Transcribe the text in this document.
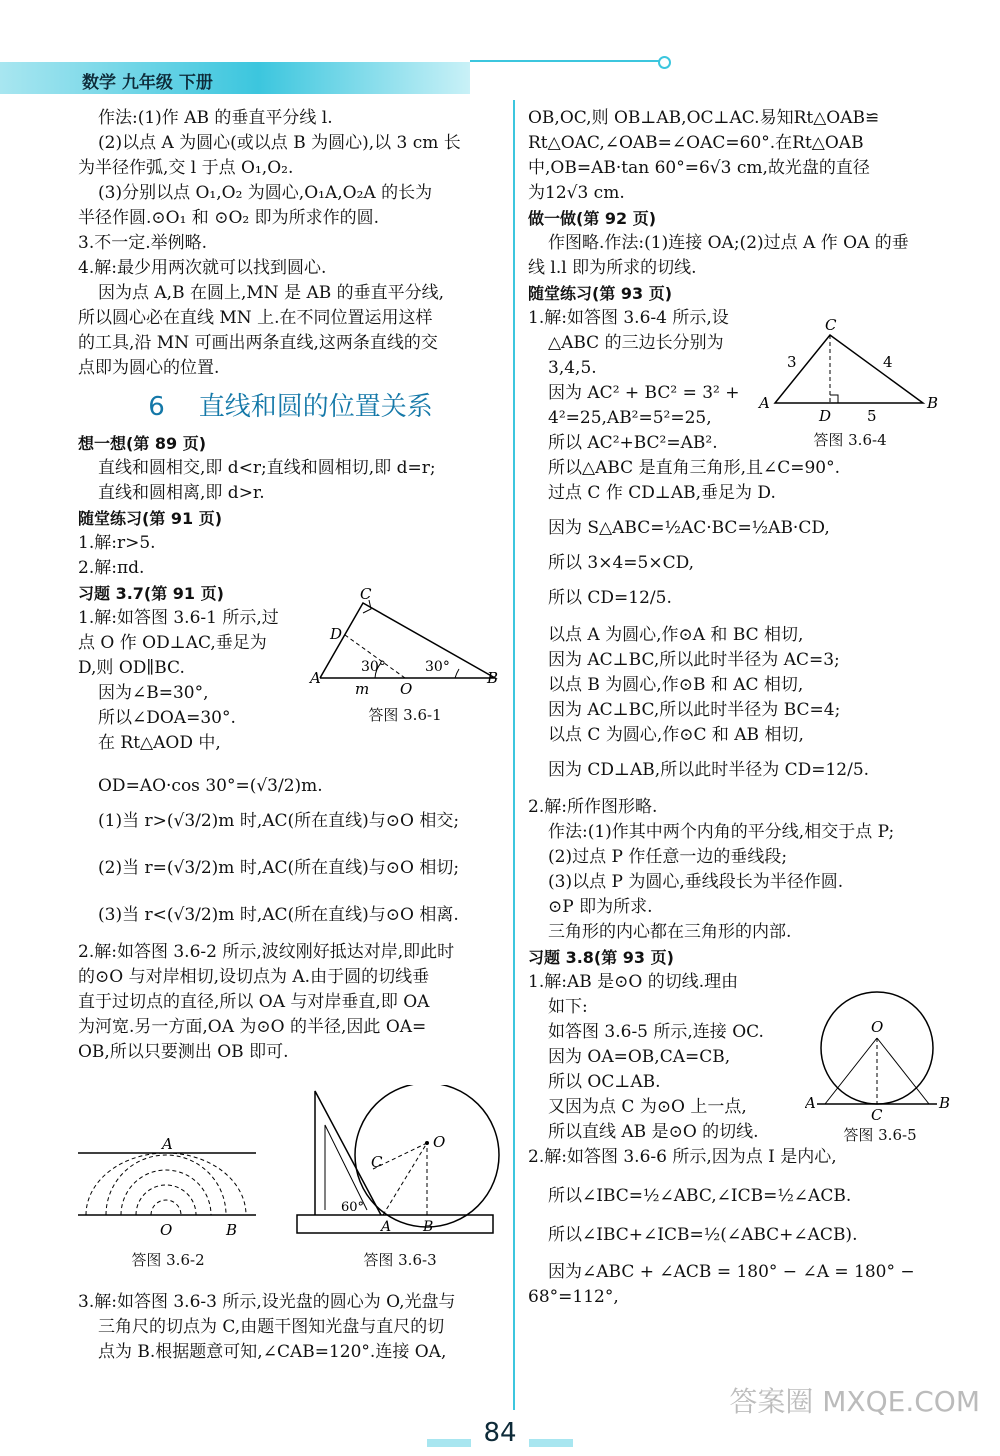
数学 九年级 下册
作法:(1)作 AB 的垂直平分线 l.
(2)以点 A 为圆心(或以点 B 为圆心),以 3 cm 长
为半径作弧,交 l 于点 O₁,O₂.
(3)分别以点 O₁,O₂ 为圆心,O₁A,O₂A 的长为
半径作圆.⊙O₁ 和 ⊙O₂ 即为所求作的圆.
3.不一定.举例略.
4.解:最少用两次就可以找到圆心.
因为点 A,B 在圆上,MN 是 AB 的垂直平分线,
所以圆心必在直线 MN 上.在不同位置运用这样
的工具,沿 MN 可画出两条直线,这两条直线的交
点即为圆心的位置.
6 直线和圆的位置关系
想一想(第 89 页)
直线和圆相交,即 d<r;直线和圆相切,即 d=r;
直线和圆相离,即 d>r.
随堂练习(第 91 页)
1.解:r>5.
2.解:πd.
习题 3.7(第 91 页)
1.解:如答图 3.6-1 所示,过
点 O 作 OD⊥AC,垂足为
D,则 OD∥BC.
因为∠B=30°,
所以∠DOA=30°.
在 Rt△AOD 中,
OD=AO·cos 30°=(√3/2)m.
(1)当 r>(√3/2)m 时,AC(所在直线)与⊙O 相交;
(2)当 r=(√3/2)m 时,AC(所在直线)与⊙O 相切;
(3)当 r<(√3/2)m 时,AC(所在直线)与⊙O 相离.
2.解:如答图 3.6-2 所示,波纹刚好抵达对岸,即此时
的⊙O 与对岸相切,设切点为 A.由于圆的切线垂
直于过切点的直径,所以 OA 与对岸垂直,即 OA
为河宽.另一方面,OA 为⊙O 的半径,因此 OA=
OB,所以只要测出 OB 即可.
3.解:如答图 3.6-3 所示,设光盘的圆心为 O,光盘与
三角尺的切点为 C,由题干图知光盘与直尺的切
点为 B.根据题意可知,∠CAB=120°.连接 OA,
OB,OC,则 OB⊥AB,OC⊥AC.易知Rt△OAB≌
Rt△OAC,∠OAB=∠OAC=60°.在Rt△OAB
中,OB=AB·tan 60°=6√3 cm,故光盘的直径
为12√3 cm.
做一做(第 92 页)
作图略.作法:(1)连接 OA;(2)过点 A 作 OA 的垂
线 l.l 即为所求的切线.
随堂练习(第 93 页)
1.解:如答图 3.6-4 所示,设
△ABC 的三边长分别为
3,4,5.
因为 AC² + BC² = 3² +
4²=25,AB²=5²=25,
所以 AC²+BC²=AB².
所以△ABC 是直角三角形,且∠C=90°.
过点 C 作 CD⊥AB,垂足为 D.
因为 S△ABC=½AC·BC=½AB·CD,
所以 3×4=5×CD,
所以 CD=12/5.
以点 A 为圆心,作⊙A 和 BC 相切,
因为 AC⊥BC,所以此时半径为 AC=3;
以点 B 为圆心,作⊙B 和 AC 相切,
因为 AC⊥BC,所以此时半径为 BC=4;
以点 C 为圆心,作⊙C 和 AB 相切,
因为 CD⊥AB,所以此时半径为 CD=12/5.
2.解:所作图形略.
作法:(1)作其中两个内角的平分线,相交于点 P;
(2)过点 P 作任意一边的垂线段;
(3)以点 P 为圆心,垂线段长为半径作圆.
⊙P 即为所求.
三角形的内心都在三角形的内部.
习题 3.8(第 93 页)
1.解:AB 是⊙O 的切线.理由
如下:
如答图 3.6-5 所示,连接 OC.
因为 OA=OB,CA=CB,
所以 OC⊥AB.
又因为点 C 为⊙O 上一点,
所以直线 AB 是⊙O 的切线.
2.解:如答图 3.6-6 所示,因为点 I 是内心,
所以∠IBC=½∠ABC,∠ICB=½∠ACB.
所以∠IBC+∠ICB=½(∠ABC+∠ACB).
因为∠ABC + ∠ACB = 180° − ∠A = 180° −
68°=112°,
C
D
30°	30°
A
m O
B
答图 3.6-1
A
O	B
答图 3.6-2
O
C
60°
A B
答图 3.6-3
C
3	4
A
D 5
B
答图 3.6-4
O
A
C
B
答图 3.6-5
84
答案圈 MXQE.COM
